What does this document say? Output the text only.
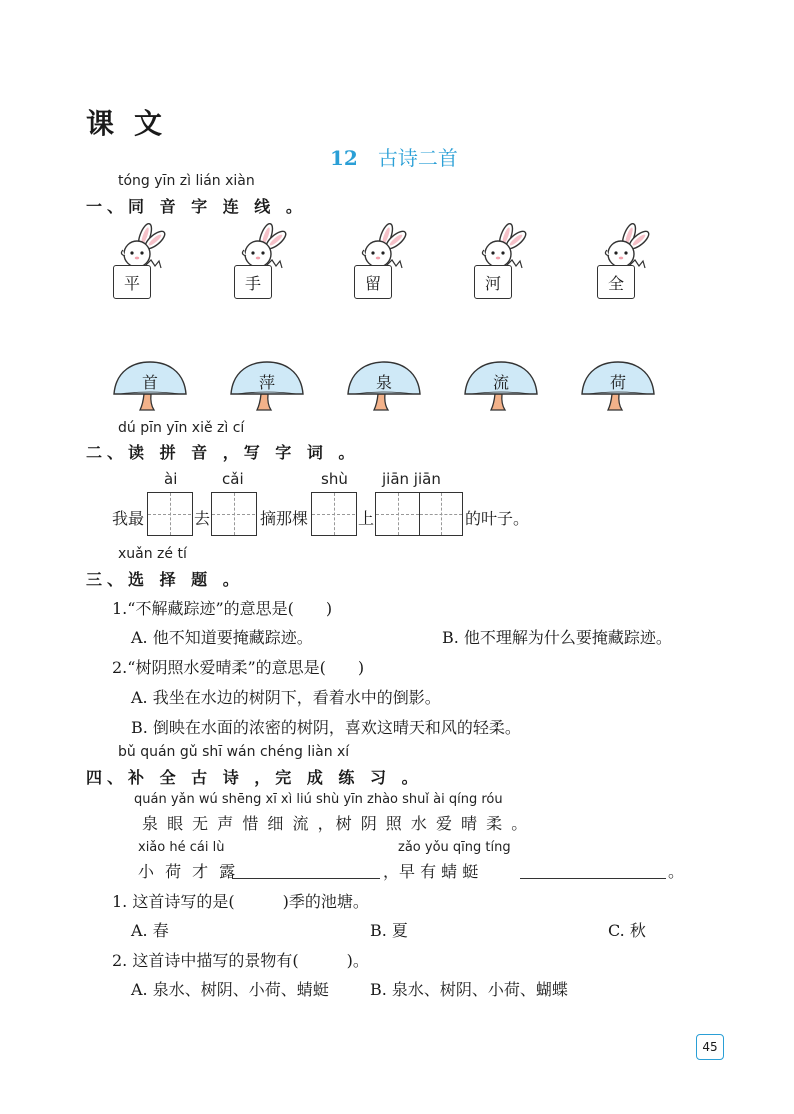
课文
12 古诗二首
tóng yīn zì lián xiàn
一、同 音 字 连 线 。
平	手	留	河	全
首	萍	泉	流	荷
dú pīn yīn xiě zì cí
二、读 拼 音 ，写 字 词 。
ài	cǎi	shù jiān jiān
我最	去	摘那棵	上	的叶子。
xuǎn zé tí
三、选 择 题 。
1.“不解藏踪迹”的意思是(　　)
A. 他不知道要掩藏踪迹。	B. 他不理解为什么要掩藏踪迹。
2.“树阴照水爱晴柔”的意思是(　　)
A. 我坐在水边的树阴下，看着水中的倒影。
B. 倒映在水面的浓密的树阴，喜欢这晴天和风的轻柔。
bǔ quán gǔ shī wán chéng liàn xí
四、补 全 古 诗 ，完 成 练 习 。
quán yǎn wú shēng xī xì liú shù yīn zhào shuǐ ài qíng róu
泉 眼 无 声 惜 细 流 ，树 阴 照 水 爱 晴 柔 。
xiǎo hé cái lù
小 荷 才 露
zǎo yǒu qīng tíng
，早 有 蜻 蜓	。
1. 这首诗写的是(　　　)季的池塘。
A. 春	B. 夏	C. 秋
2. 这首诗中描写的景物有(　　　)。
A. 泉水、树阴、小荷、蜻蜓	B. 泉水、树阴、小荷、蝴蝶
45
